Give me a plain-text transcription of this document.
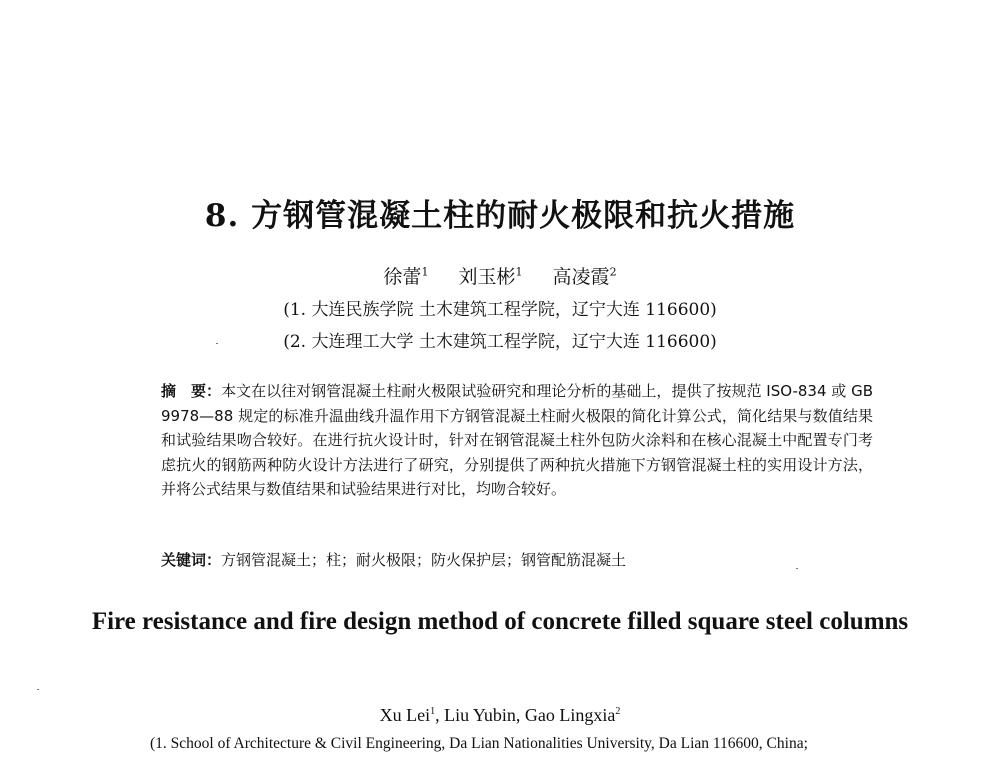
8. 方钢管混凝土柱的耐火极限和抗火措施
徐蕾$^1$ 刘玉彬$^1$ 高凌霞$^2$
(1. 大连民族学院 土木建筑工程学院，辽宁大连 116600)
(2. 大连理工大学 土木建筑工程学院，辽宁大连 116600)
摘　要：本文在以往对钢管混凝土柱耐火极限试验研究和理论分析的基础上，提供了按规范 ISO-834 或 GB 9978—88 规定的标准升温曲线升温作用下方钢管混凝土柱耐火极限的简化计算公式，简化结果与数值结果和试验结果吻合较好。在进行抗火设计时，针对在钢管混凝土柱外包防火涂料和在核心混凝土中配置专门考虑抗火的钢筋两种防火设计方法进行了研究，分别提供了两种抗火措施下方钢管混凝土柱的实用设计方法，并将公式结果与数值结果和试验结果进行对比，均吻合较好。
关键词：方钢管混凝土；柱；耐火极限；防火保护层；钢管配筋混凝土
Fire resistance and fire design method of concrete filled square steel columns
Xu Lei$^1$, Liu Yubin, Gao Lingxia$^2$
(1. School of Architecture & Civil Engineering, Da Lian Nationalities University, Da Lian 116600, China;
